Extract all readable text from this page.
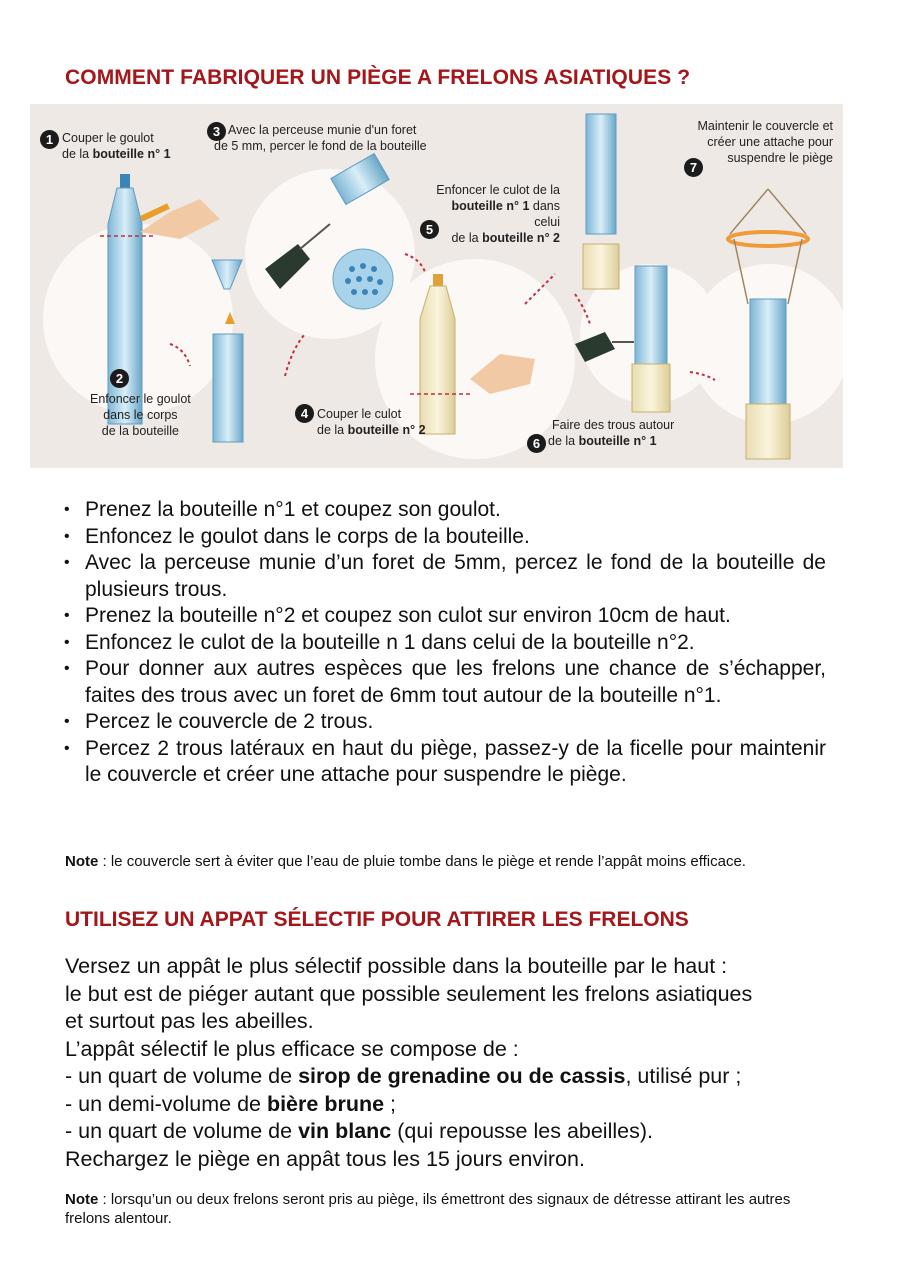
COMMENT FABRIQUER UN PIÈGE A FRELONS ASIATIQUES ?
1 Couper le goulot
de la bouteille n° 1
2
Enfoncer le goulot
dans le corps
de la bouteille
3 Avec la perceuse munie d'un foret
de 5 mm, percer le fond de la bouteille
4 Couper le culot
de la bouteille n° 2
5
Enfoncer le culot de la
bouteille n° 1 dans celui
de la bouteille n° 2
6
Faire des trous autour
de la bouteille n° 1
7
Maintenir le couvercle et
créer une attache pour
suspendre le piège
• Prenez la bouteille n°1 et coupez son goulot.
• Enfoncez le goulot dans le corps de la bouteille.
• Avec la perceuse munie d’un foret de 5mm, percez le fond de la bouteille de plusieurs trous.
• Prenez la bouteille n°2 et coupez son culot sur environ 10cm de haut.
• Enfoncez le culot de la bouteille n 1 dans celui de la bouteille n°2.
• Pour donner aux autres espèces que les frelons une chance de s’échapper, faites des trous avec un foret de 6mm tout autour de la bouteille n°1.
• Percez le couvercle de 2 trous.
• Percez 2 trous latéraux en haut du piège, passez-y de la ficelle pour maintenir le couvercle et créer une attache pour suspendre le piège.
Note : le couvercle sert à éviter que l’eau de pluie tombe dans le piège et rende l’appât moins efficace.
UTILISEZ UN APPAT SÉLECTIF POUR ATTIRER LES FRELONS
Versez un appât le plus sélectif possible dans la bouteille par le haut :
le but est de piéger autant que possible seulement les frelons asiatiques
et surtout pas les abeilles.
L’appât sélectif le plus efficace se compose de :
- un quart de volume de sirop de grenadine ou de cassis, utilisé pur ;
- un demi-volume de bière brune ;
- un quart de volume de vin blanc (qui repousse les abeilles).
Rechargez le piège en appât tous les 15 jours environ.
Note : lorsqu’un ou deux frelons seront pris au piège, ils émettront des signaux de détresse attirant les autres frelons alentour.
